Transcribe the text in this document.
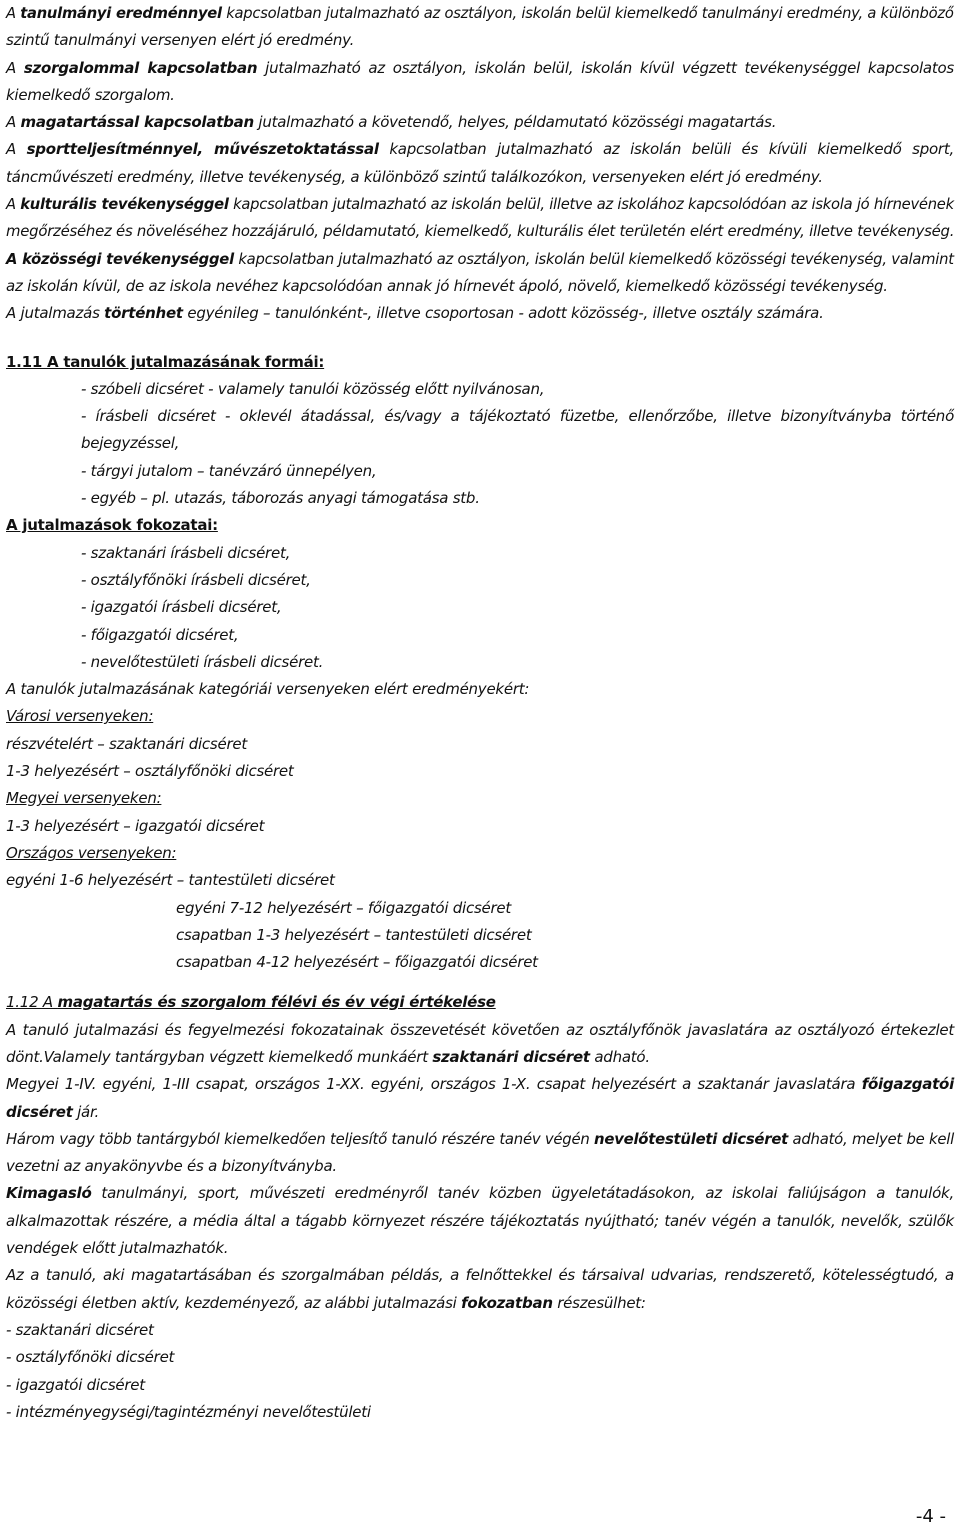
A tanulmányi eredménnyel kapcsolatban jutalmazható az osztályon, iskolán belül kiemelkedő tanulmányi eredmény, a különböző
szintű tanulmányi versenyen elért jó eredmény.
A szorgalommal kapcsolatban jutalmazható az osztályon, iskolán belül, iskolán kívül végzett tevékenységgel kapcsolatos
kiemelkedő szorgalom.
A magatartással kapcsolatban jutalmazható a követendő, helyes, példamutató közösségi magatartás.
A sportteljesítménnyel, művészetoktatással kapcsolatban jutalmazható az iskolán belüli és kívüli kiemelkedő sport,
táncművészeti eredmény, illetve tevékenység, a különböző szintű találkozókon, versenyeken elért jó eredmény.
A kulturális tevékenységgel kapcsolatban jutalmazható az iskolán belül, illetve az iskolához kapcsolódóan az iskola jó hírnevének
megőrzéséhez és növeléséhez hozzájáruló, példamutató, kiemelkedő, kulturális élet területén elért eredmény, illetve tevékenység.
A közösségi tevékenységgel kapcsolatban jutalmazható az osztályon, iskolán belül kiemelkedő közösségi tevékenység, valamint
az iskolán kívül, de az iskola nevéhez kapcsolódóan annak jó hírnevét ápoló, növelő, kiemelkedő közösségi tevékenység.
A jutalmazás történhet egyénileg – tanulónként-, illetve csoportosan - adott közösség-, illetve osztály számára.
1.11 A tanulók jutalmazásának formái:
- szóbeli dicséret - valamely tanulói közösség előtt nyilvánosan,
- írásbeli dicséret - oklevél átadással, és/vagy a tájékoztató füzetbe, ellenőrzőbe, illetve bizonyítványba történő
bejegyzéssel,
- tárgyi jutalom – tanévzáró ünnepélyen,
- egyéb – pl. utazás, táborozás anyagi támogatása stb.
A jutalmazások fokozatai:
- szaktanári írásbeli dicséret,
- osztályfőnöki írásbeli dicséret,
- igazgatói írásbeli dicséret,
- főigazgatói dicséret,
- nevelőtestületi írásbeli dicséret.
A tanulók jutalmazásának kategóriái versenyeken elért eredményekért:
Városi versenyeken:
részvételért – szaktanári dicséret
1-3 helyezésért – osztályfőnöki dicséret
Megyei versenyeken:
1-3 helyezésért – igazgatói dicséret
Országos versenyeken:
egyéni 1-6 helyezésért – tantestületi dicséret
egyéni 7-12 helyezésért – főigazgatói dicséret
csapatban 1-3 helyezésért – tantestületi dicséret
csapatban 4-12 helyezésért – főigazgatói dicséret
1.12 A magatartás és szorgalom félévi és év végi értékelése
A tanuló jutalmazási és fegyelmezési fokozatainak összevetését követően az osztályfőnök javaslatára az osztályozó értekezlet
dönt.Valamely tantárgyban végzett kiemelkedő munkáért szaktanári dicséret adható.
Megyei 1-IV. egyéni, 1-III csapat, országos 1-XX. egyéni, országos 1-X. csapat helyezésért a szaktanár javaslatára főigazgatói
dicséret jár.
Három vagy több tantárgyból kiemelkedően teljesítő tanuló részére tanév végén nevelőtestületi dicséret adható, melyet be kell
vezetni az anyakönyvbe és a bizonyítványba.
Kimagasló tanulmányi, sport, művészeti eredményről tanév közben ügyeletátadásokon, az iskolai faliújságon a tanulók,
alkalmazottak részére, a média által a tágabb környezet részére tájékoztatás nyújtható; tanév végén a tanulók, nevelők, szülők
vendégek előtt jutalmazhatók.
Az a tanuló, aki magatartásában és szorgalmában példás, a felnőttekkel és társaival udvarias, rendszerető, kötelességtudó, a
közösségi életben aktív, kezdeményező, az alábbi jutalmazási fokozatban részesülhet:
- szaktanári dicséret
- osztályfőnöki dicséret
- igazgatói dicséret
- intézményegységi/tagintézményi nevelőtestületi
-4 -
